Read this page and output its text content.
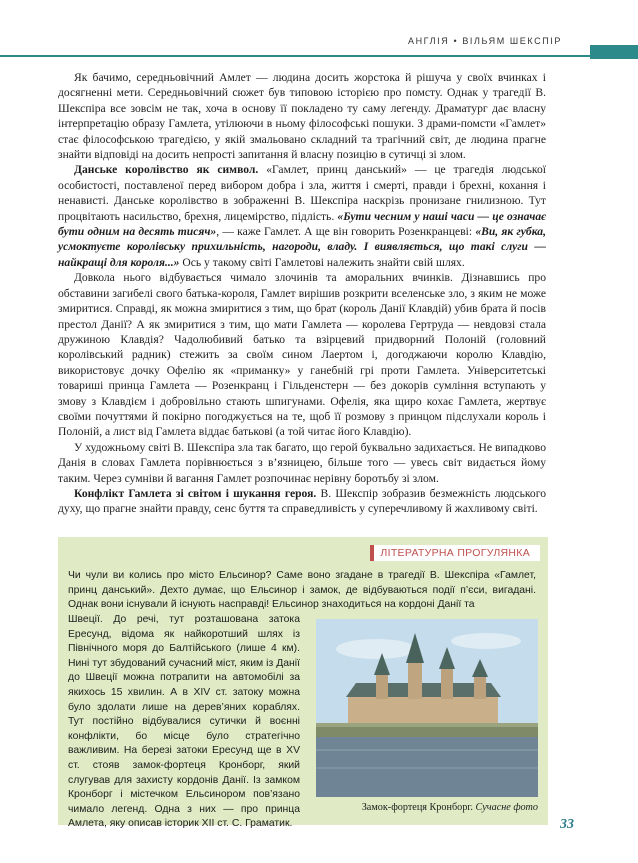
АНГЛІЯ • ВІЛЬЯМ ШЕКСПІР

Як бачимо, середньовічний Амлет — людина досить жорстока й рішуча у своїх вчинках і досягненні мети. Середньовічний сюжет був типовою історією про помсту. Однак у трагедії В. Шекспіра все зовсім не так, хоча в основу її покладено ту саму легенду. Драматург дає власну інтерпретацію образу Гамлета, утілюючи в ньому філософські пошуки. З драми-помсти «Гамлет» стає філософською трагедією, у якій змальовано складний та трагічний світ, де людина прагне знайти відповіді на досить непрості запитання й власну позицію в сутичці зі злом.

Данське королівство як символ. «Гамлет, принц данський» — це трагедія людської особистості, поставленої перед вибором добра і зла, життя і смерті, правди і брехні, кохання і ненависті. Данське королівство в зображенні В. Шекспіра наскрізь пронизане гнилизною. Тут процвітають насильство, брехня, лицемірство, підлість. «Бути чесним у наші часи — це означає бути одним на десять тисяч», — каже Гамлет. А ще він говорить Розенкранцеві: «Ви, як губка, усмоктуєте королівську прихильність, нагороди, владу. І виявляється, що такі слуги — найкращі для короля...» Ось у такому світі Гамлетові належить знайти свій шлях.

Довкола нього відбувається чимало злочинів та аморальних вчинків. Дізнавшись про обставини загибелі свого батька-короля, Гамлет вирішив розкрити вселенське зло, з яким не може змиритися. Справді, як можна змиритися з тим, що брат (король Данії Клавдій) убив брата й посів престол Данії? А як змиритися з тим, що мати Гамлета — королева Гертруда — невдовзі стала дружиною Клавдія? Чадолюбивий батько та взірцевий придворний Полоній (головний королівський радник) стежить за своїм сином Лаертом і, догоджаючи королю Клавдію, використовує дочку Офелію як «приманку» у ганебній грі проти Гамлета. Університетські товариші принца Гамлета — Розенкранц і Гільденстерн — без докорів сумління вступають у змову з Клавдієм і добровільно стають шпигунами. Офелія, яка щиро кохає Гамлета, жертвує своїми почуттями й покірно погоджується на те, щоб її розмову з принцом підслухали король і Полоній, а лист від Гамлета віддає батькові (а той читає його Клавдію).

У художньому світі В. Шекспіра зла так багато, що герой буквально задихається. Не випадково Данія в словах Гамлета порівнюється з в’язницею, більше того — увесь світ видається йому таким. Через сумніви й вагання Гамлет розпочинає нерівну боротьбу зі злом.

Конфлікт Гамлета зі світом і шукання героя. В. Шекспір зобразив безмежність людського духу, що прагне знайти правду, сенс буття та справедливість у суперечливому й жахливому світі.

ЛІТЕРАТУРНА ПРОГУЛЯНКА
Чи чули ви колись про місто Ельсинор? Саме воно згадане в трагедії В. Шекспіра «Гамлет, принц данський». Дехто думає, що Ельсинор і замок, де відбуваються події п’єси, вигадані. Однак вони існували й існують насправді! Ельсинор знаходиться на кордоні Данії та
Швеції. До речі, тут розташована затока Ересунд, відома як найкоротший шлях із Північного моря до Балтійського (лише 4 км). Нині тут збудований сучасний міст, яким із Данії до Швеції можна потрапити на автомобілі за якихось 15 хвилин. А в XIV ст. затоку можна було здолати лише на дерев’яних кораблях. Тут постійно відбувалися сутички й воєнні конфлікти, бо місце було стратегічно важливим. На березі затоки Ересунд ще в XV ст. стояв замок-фортеця Кронборг, який слугував для захисту кордонів Данії. Із замком Кронборг і містечком Ельсинором пов’язано чимало легенд. Одна з них — про принца Амлета, яку описав історик XII ст. С. Граматик.
Замок-фортеця Кронборг. Сучасне фото
33
